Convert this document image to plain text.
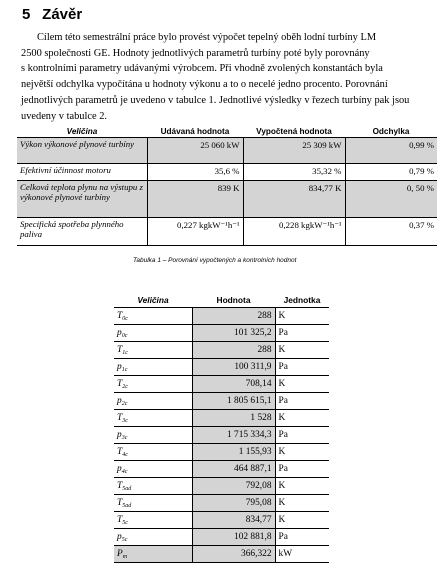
5 Závěr
Cílem této semestrální práce bylo provést výpočet tepelný oběh lodní turbíny LM
2500 společnosti GE. Hodnoty jednotlivých parametrů turbíny poté byly porovnány
s kontrolními parametry udávanými výrobcem. Při vhodně zvolených konstantách byla
největší odchylka vypočítána u hodnoty výkonu a to o necelé jedno procento. Porovnání
jednotlivých parametrů je uvedeno v tabulce 1. Jednotlivé výsledky v řezech turbíny pak jsou
uvedeny v tabulce 2.
Veličina	Udávaná hodnota	Vypočtená hodnota	Odchylka
Výkon výkonové plynové turbíny	25 060 kW	25 309 kW	0,99 %
Efektivní účinnost motoru	35,6 %	35,32 %	0,79 %
Celková teplota plynu na výstupu z výkonové plynové turbíny	839 K	834,77 K	0, 50 %
Specifická spotřeba plynného paliva	0,227 kgkW⁻¹h⁻¹	0,228 kgkW⁻¹h⁻¹	0,37 %
Tabulka 1 – Porovnání vypočtených a kontrolních hodnot
Veličina	Hodnota	Jednotka
$T_{0c}$	288	K
$p_{0c}$	101 325,2	Pa
$T_{1c}$	288	K
$p_{1c}$	100 311,9	Pa
$T_{2c}$	708,14	K
$p_{2c}$	1 805 615,1	Pa
$T_{3c}$	1 528	K
$p_{3c}$	1 715 334,3	Pa
$T_{4c}$	1 155,93	K
$p_{4c}$	464 887,1	Pa
$T_{5ad}$	792,08	K
$T_{5ad}$	795,08	K
$T_{5c}$	834,77	K
$p_{5c}$	102 881,8	Pa
$P_m$	366,322	kW
